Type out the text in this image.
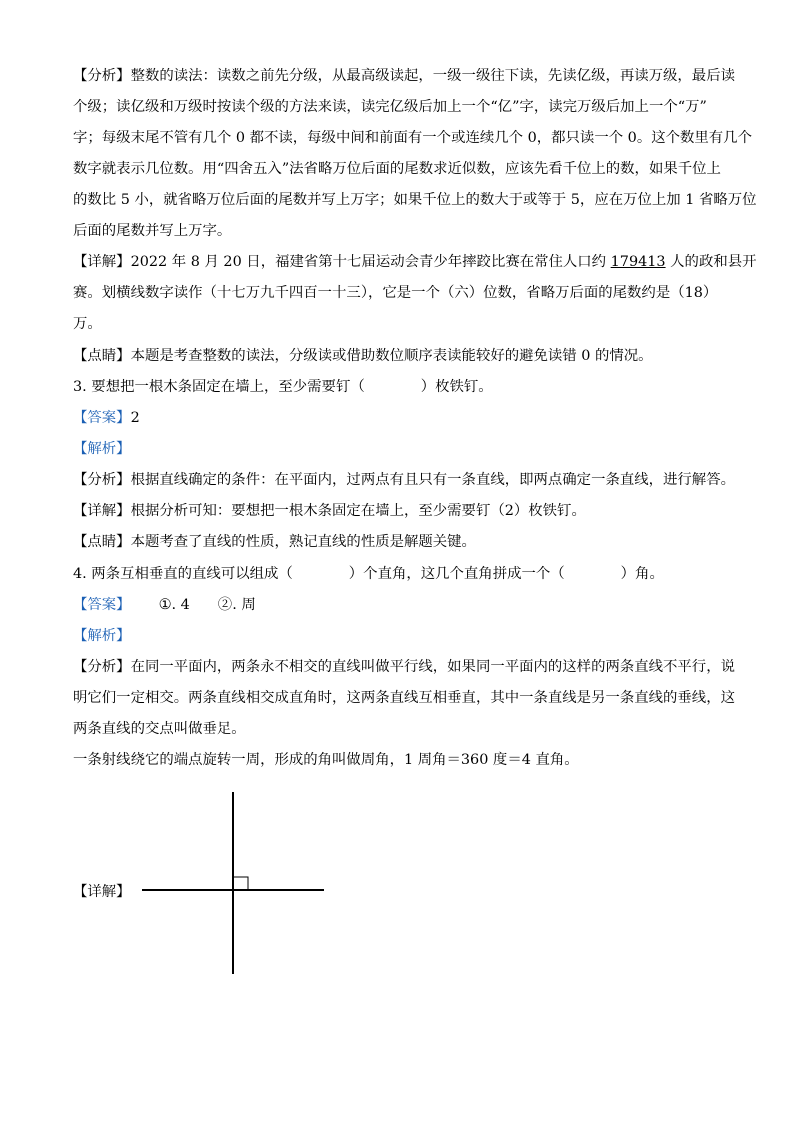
【分析】整数的读法：读数之前先分级，从最高级读起，一级一级往下读，先读亿级，再读万级，最后读
个级；读亿级和万级时按读个级的方法来读，读完亿级后加上一个“亿”字，读完万级后加上一个“万”
字；每级末尾不管有几个 0 都不读，每级中间和前面有一个或连续几个 0，都只读一个 0。这个数里有几个
数字就表示几位数。用“四舍五入”法省略万位后面的尾数求近似数，应该先看千位上的数，如果千位上
的数比 5 小，就省略万位后面的尾数并写上万字；如果千位上的数大于或等于 5，应在万位上加 1 省略万位
后面的尾数并写上万字。
【详解】2022 年 8 月 20 日，福建省第十七届运动会青少年摔跤比赛在常住人口约 179413 人的政和县开
赛。划横线数字读作（十七万九千四百一十三），它是一个（六）位数，省略万后面的尾数约是（18）
万。
【点睛】本题是考查整数的读法，分级读或借助数位顺序表读能较好的避免读错 0 的情况。
3. 要想把一根木条固定在墙上，至少需要钉（	）枚铁钉。
【答案】2
【解析】
【分析】根据直线确定的条件：在平面内，过两点有且只有一条直线，即两点确定一条直线，进行解答。
【详解】根据分析可知：要想把一根木条固定在墙上，至少需要钉（2）枚铁钉。
【点睛】本题考查了直线的性质，熟记直线的性质是解题关键。
4. 两条互相垂直的直线可以组成（	）个直角，这几个直角拼成一个（	）角。
【答案】 ①. 4 ②. 周
【解析】
【分析】在同一平面内，两条永不相交的直线叫做平行线，如果同一平面内的这样的两条直线不平行，说
明它们一定相交。两条直线相交成直角时，这两条直线互相垂直，其中一条直线是另一条直线的垂线，这
两条直线的交点叫做垂足。
一条射线绕它的端点旋转一周，形成的角叫做周角，1 周角＝360 度＝4 直角。
【详解】
